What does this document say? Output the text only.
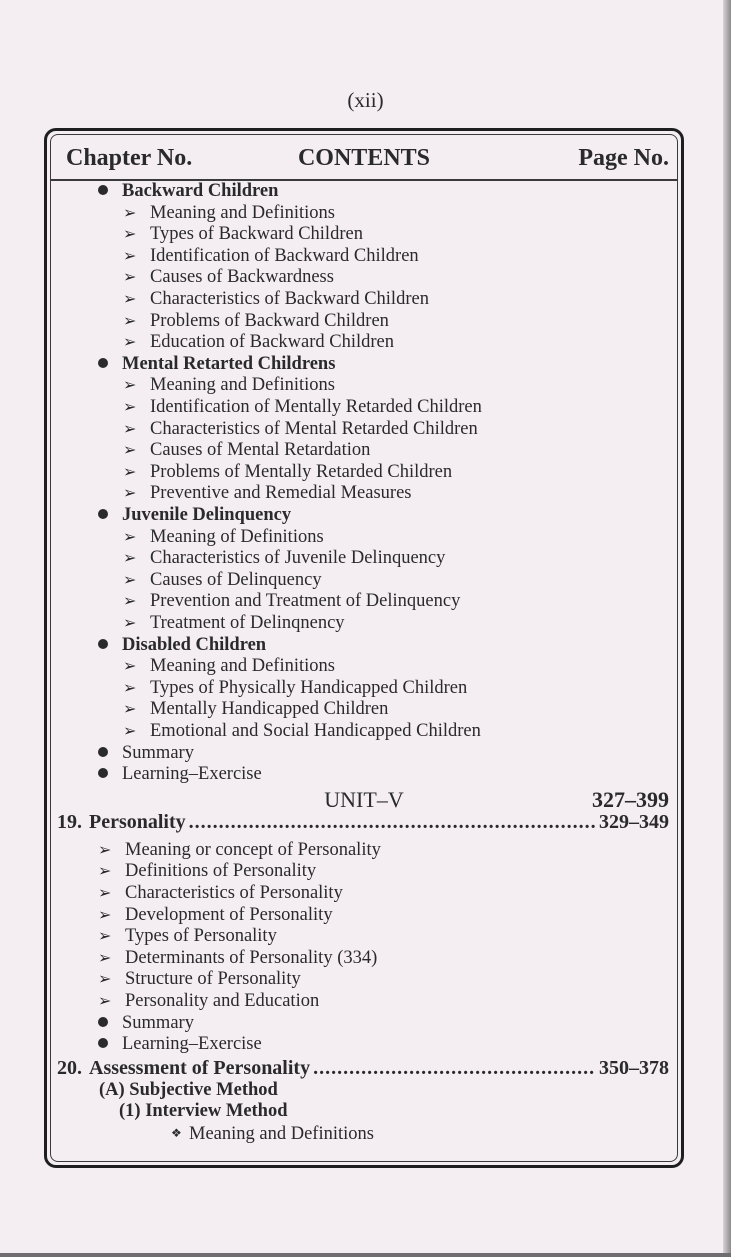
(xii)
Chapter No.	CONTENTS	Page No.
Backward Children
➢ Meaning and Definitions
➢ Types of Backward Children
➢ Identification of Backward Children
➢ Causes of Backwardness
➢ Characteristics of Backward Children
➢ Problems of Backward Children
➢ Education of Backward Children
Mental Retarted Childrens
➢ Meaning and Definitions
➢ Identification of Mentally Retarded Children
➢ Characteristics of Mental Retarded Children
➢ Causes of Mental Retardation
➢ Problems of Mentally Retarded Children
➢ Preventive and Remedial Measures
Juvenile Delinquency
➢ Meaning of Definitions
➢ Characteristics of Juvenile Delinquency
➢ Causes of Delinquency
➢ Prevention and Treatment of Delinquency
➢ Treatment of Delinqnency
Disabled Children
➢ Meaning and Definitions
➢ Types of Physically Handicapped Children
➢ Mentally Handicapped Children
➢ Emotional and Social Handicapped Children
Summary
Learning–Exercise
UNIT–V	327–399
19. Personality .....	329–349
➢ Meaning or concept of Personality
➢ Definitions of Personality
➢ Characteristics of Personality
➢ Development of Personality
➢ Types of Personality
➢ Determinants of Personality (334)
➢ Structure of Personality
➢ Personality and Education
Summary
Learning–Exercise
20. Assessment of Personality .....	350–378
(A) Subjective Method
(1) Interview Method
❖ Meaning and Definitions
